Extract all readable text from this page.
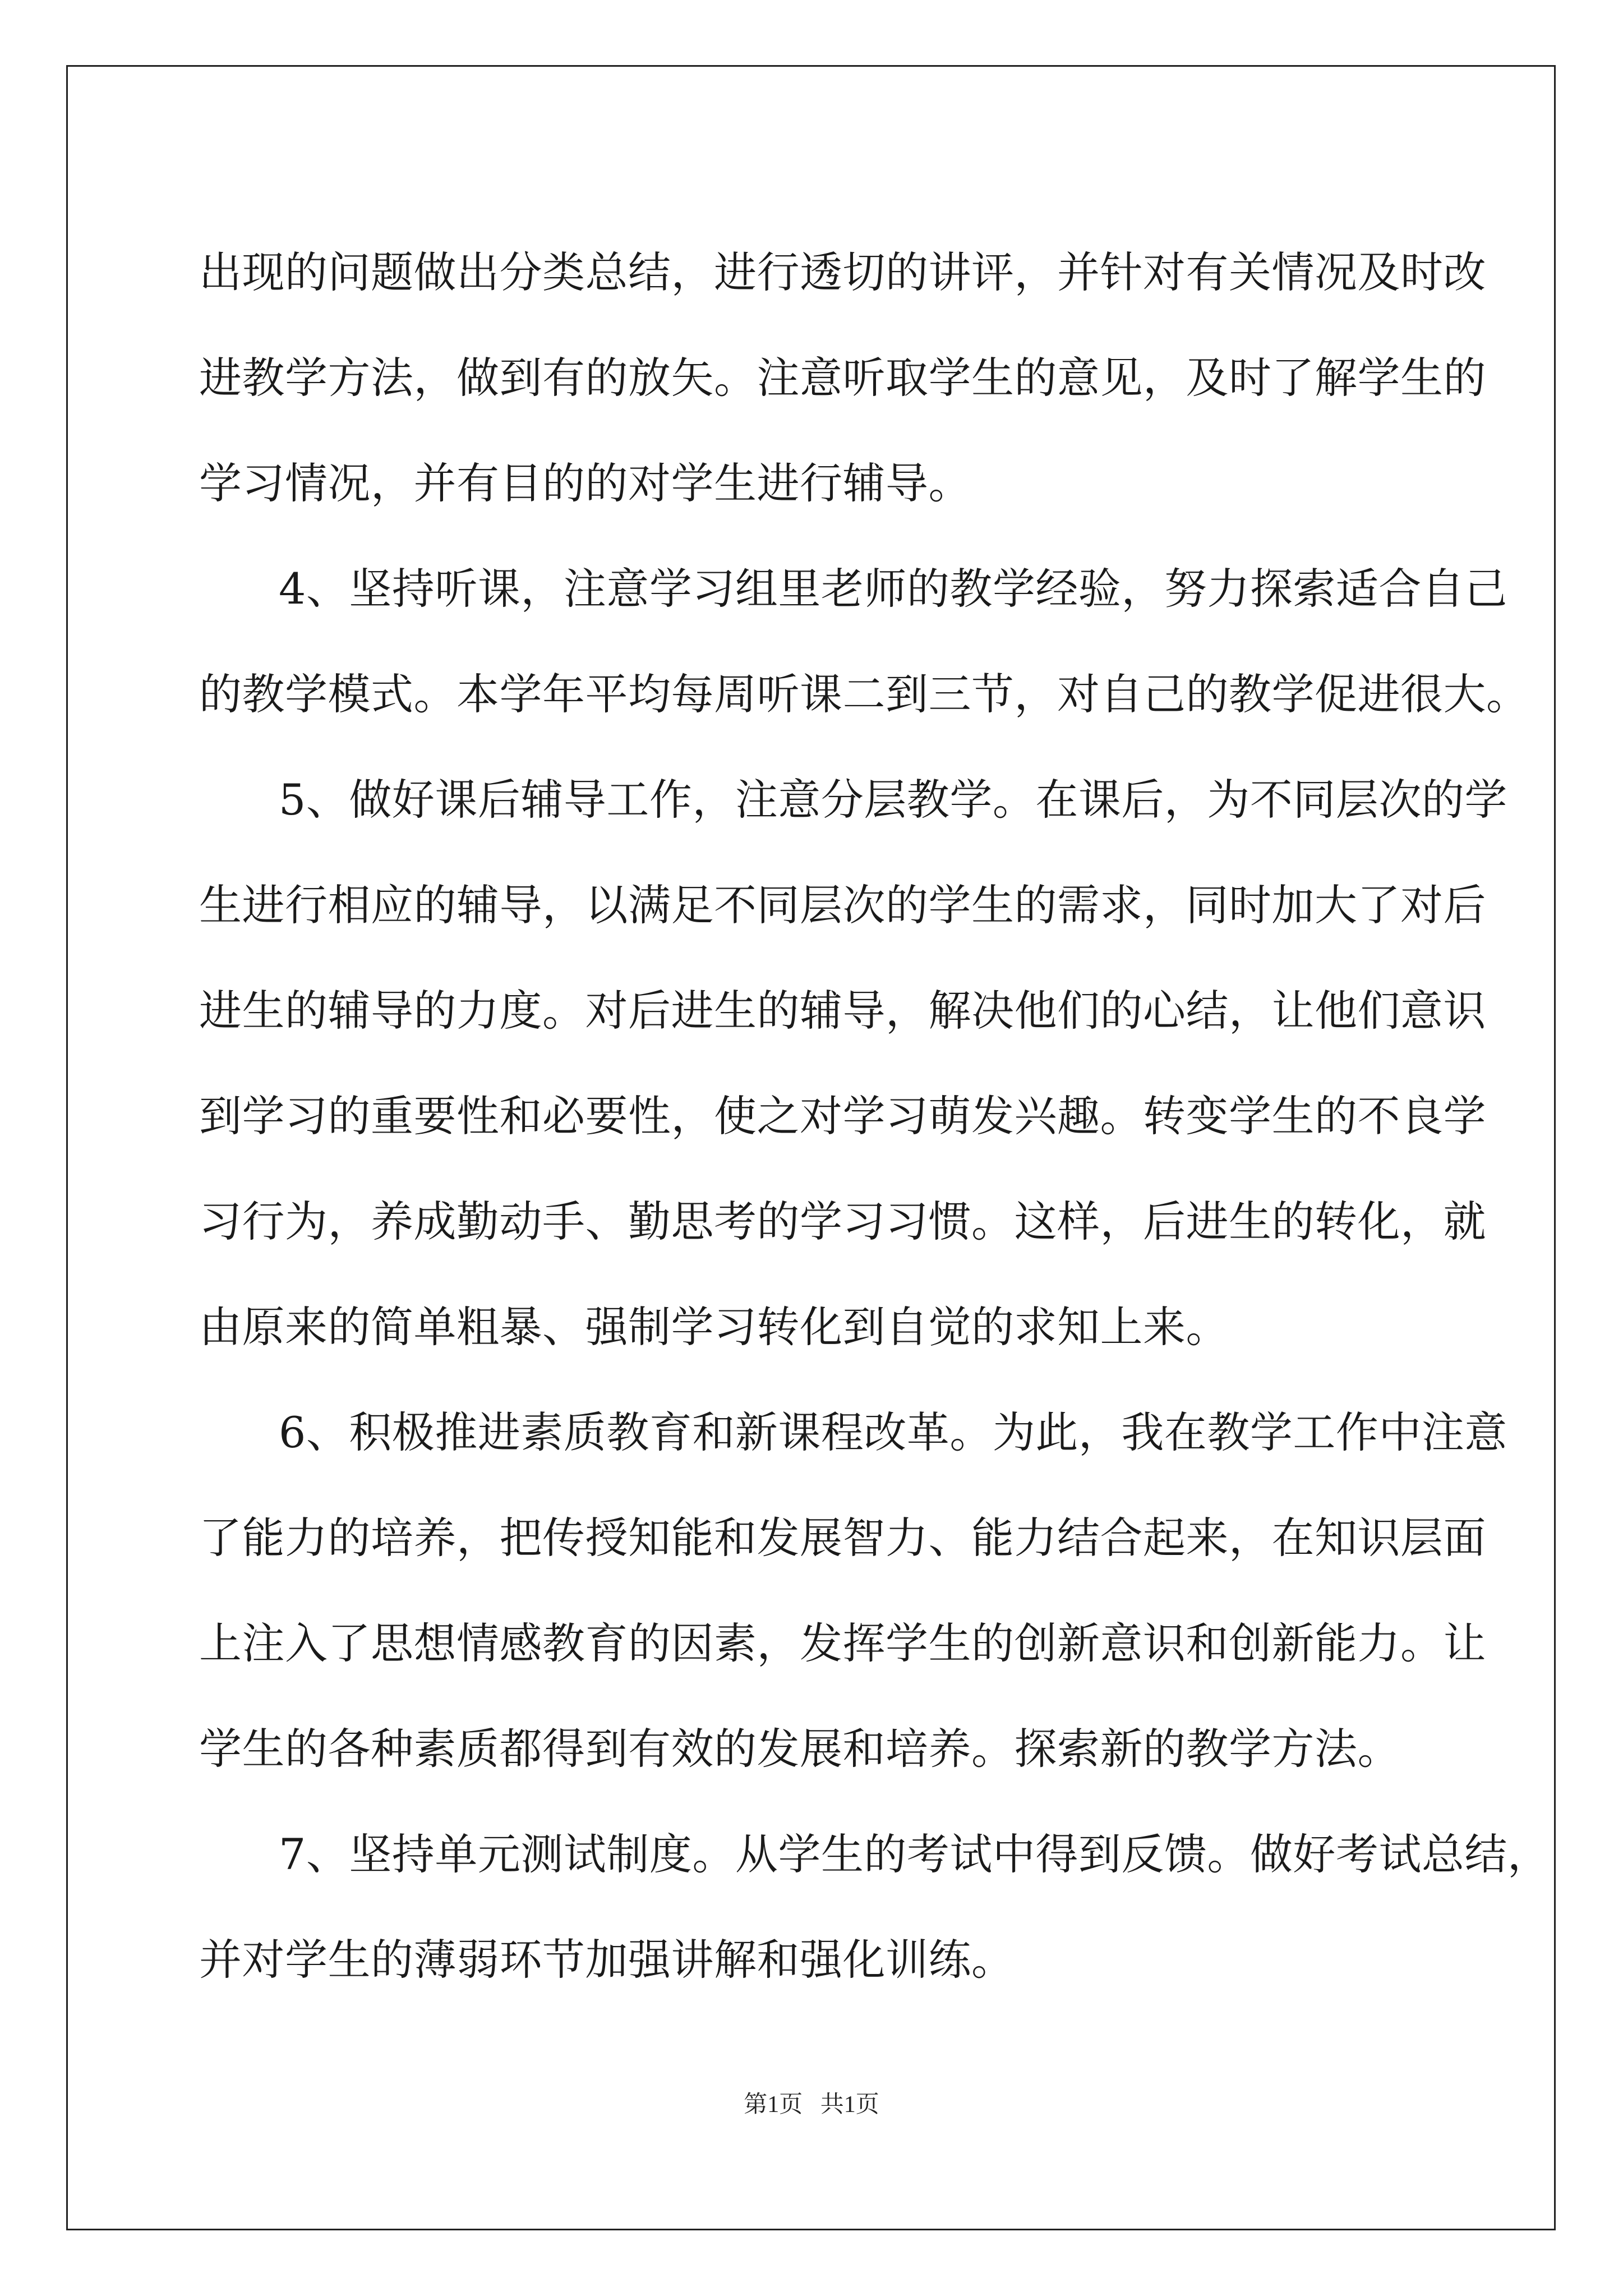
出 现 的 问 题 做 出 分 类 总 结 ， 进 行 透 切 的 讲 评 ， 并 针 对 有 关 情 况 及 时 改
进 教 学 方 法 ， 做 到 有 的 放 矢 。 注 意 听 取 学 生 的 意 见 ， 及 时 了 解 学 生 的
学习情况，并有目的的对学生进行辅导。
4 、 坚 持 听 课 ， 注 意 学 习 组 里 老 师 的 教 学 经 验 ， 努 力 探 索 适 合 自 己
的 教 学 模 式 。 本 学 年 平 均 每 周 听 课 二 到 三 节 ， 对 自 己 的 教 学 促 进 很 大 。
5 、 做 好 课 后 辅 导 工 作 ， 注 意 分 层 教 学 。 在 课 后 ， 为 不 同 层 次 的 学
生 进 行 相 应 的 辅 导 ， 以 满 足 不 同 层 次 的 学 生 的 需 求 ， 同 时 加 大 了 对 后
进 生 的 辅 导 的 力 度 。 对 后 进 生 的 辅 导 ， 解 决 他 们 的 心 结 ， 让 他 们 意 识
到 学 习 的 重 要 性 和 必 要 性 ， 使 之 对 学 习 萌 发 兴 趣 。 转 变 学 生 的 不 良 学
习 行 为 ， 养 成 勤 动 手 、 勤 思 考 的 学 习 习 惯 。 这 样 ， 后 进 生 的 转 化 ， 就
由原来的简单粗暴、强制学习转化到自觉的求知上来。
6 、 积 极 推 进 素 质 教 育 和 新 课 程 改 革 。 为 此 ， 我 在 教 学 工 作 中 注 意
了 能 力 的 培 养 ， 把 传 授 知 能 和 发 展 智 力 、 能 力 结 合 起 来 ， 在 知 识 层 面
上 注 入 了 思 想 情 感 教 育 的 因 素 ， 发 挥 学 生 的 创 新 意 识 和 创 新 能 力 。 让
学生的各种素质都得到有效的发展和培养。探索新的教学方法。
7 、 坚 持 单 元 测 试 制 度 。 从 学 生 的 考 试 中 得 到 反 馈 。 做 好 考 试 总 结 ，
并对学生的薄弱环节加强讲解和强化训练。
第1页   共1页
